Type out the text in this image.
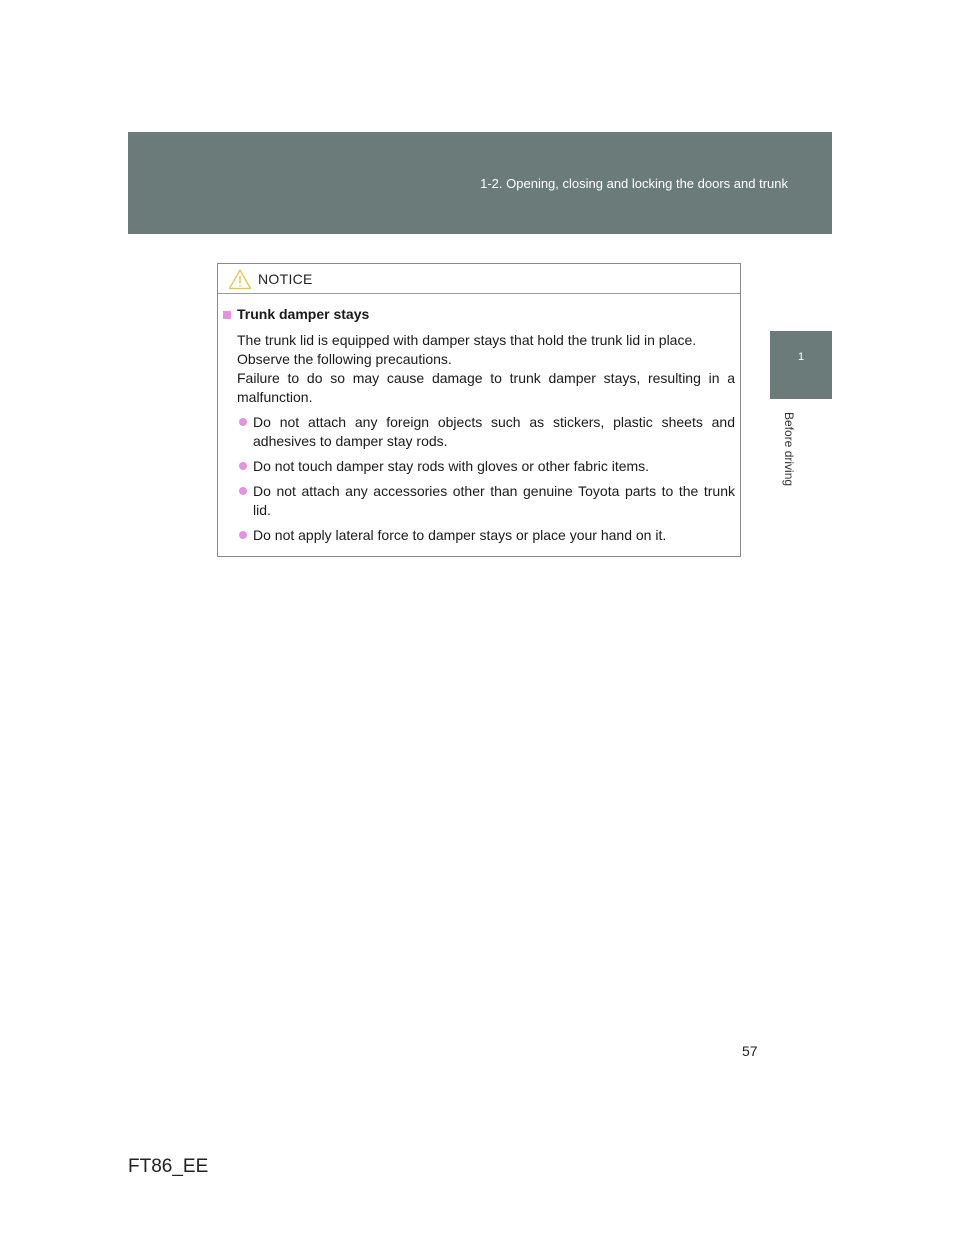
1-2. Opening, closing and locking the doors and trunk
1
Before driving
NOTICE
Trunk damper stays
The trunk lid is equipped with damper stays that hold the trunk lid in place.
Observe the following precautions.
Failure to do so may cause damage to trunk damper stays, resulting in a malfunction.
Do not attach any foreign objects such as stickers, plastic sheets and adhesives to damper stay rods.
Do not touch damper stay rods with gloves or other fabric items.
Do not attach any accessories other than genuine Toyota parts to the trunk lid.
Do not apply lateral force to damper stays or place your hand on it.
57
FT86_EE
